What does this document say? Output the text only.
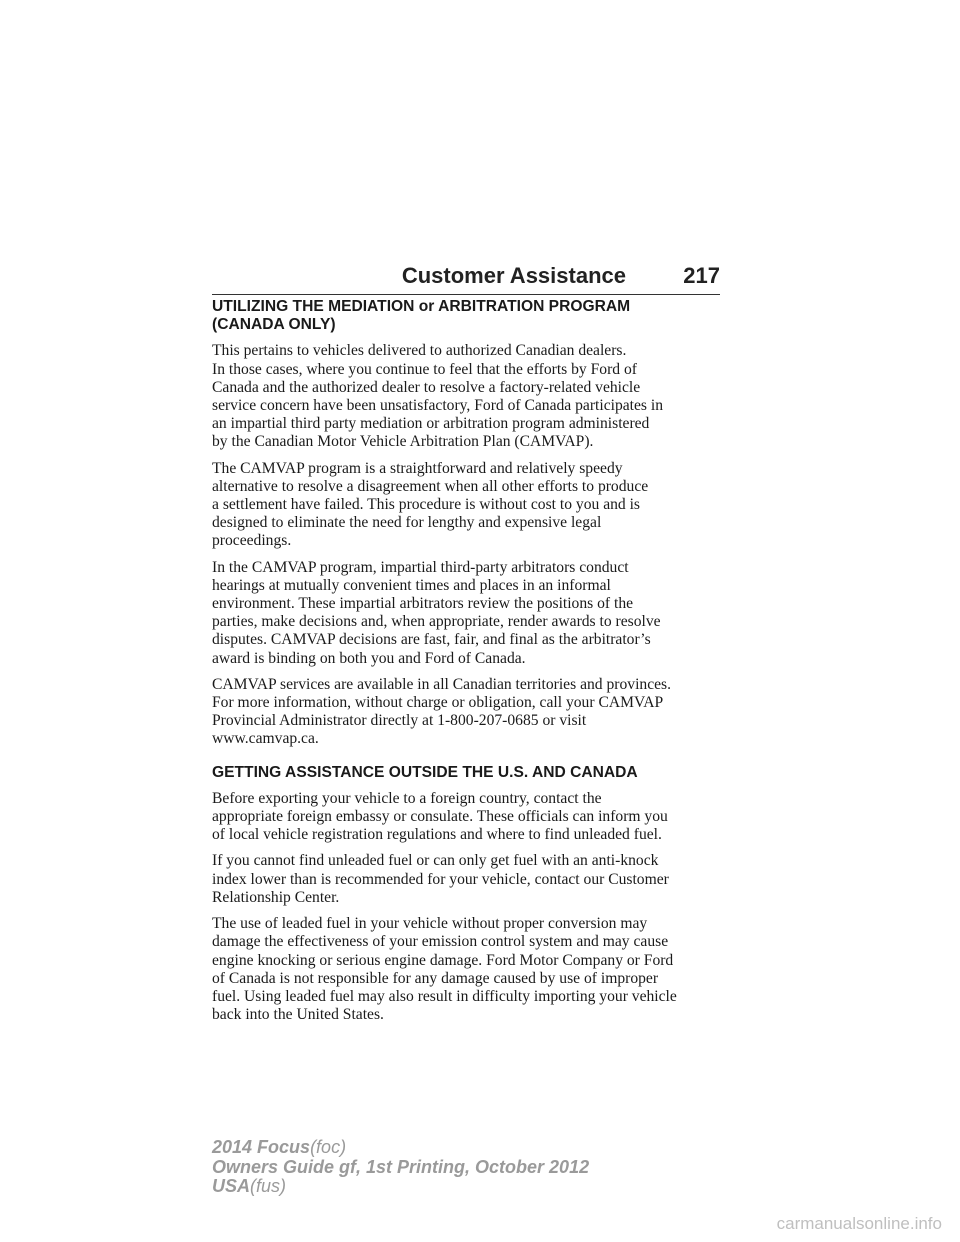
Customer Assistance	217

UTILIZING THE MEDIATION or ARBITRATION PROGRAM
(CANADA ONLY)

This pertains to vehicles delivered to authorized Canadian dealers.
In those cases, where you continue to feel that the efforts by Ford of
Canada and the authorized dealer to resolve a factory-related vehicle
service concern have been unsatisfactory, Ford of Canada participates in
an impartial third party mediation or arbitration program administered
by the Canadian Motor Vehicle Arbitration Plan (CAMVAP).

The CAMVAP program is a straightforward and relatively speedy
alternative to resolve a disagreement when all other efforts to produce
a settlement have failed. This procedure is without cost to you and is
designed to eliminate the need for lengthy and expensive legal
proceedings.

In the CAMVAP program, impartial third-party arbitrators conduct
hearings at mutually convenient times and places in an informal
environment. These impartial arbitrators review the positions of the
parties, make decisions and, when appropriate, render awards to resolve
disputes. CAMVAP decisions are fast, fair, and final as the arbitrator’s
award is binding on both you and Ford of Canada.

CAMVAP services are available in all Canadian territories and provinces.
For more information, without charge or obligation, call your CAMVAP
Provincial Administrator directly at 1-800-207-0685 or visit
www.camvap.ca.

GETTING ASSISTANCE OUTSIDE THE U.S. AND CANADA

Before exporting your vehicle to a foreign country, contact the
appropriate foreign embassy or consulate. These officials can inform you
of local vehicle registration regulations and where to find unleaded fuel.

If you cannot find unleaded fuel or can only get fuel with an anti-knock
index lower than is recommended for your vehicle, contact our Customer
Relationship Center.

The use of leaded fuel in your vehicle without proper conversion may
damage the effectiveness of your emission control system and may cause
engine knocking or serious engine damage. Ford Motor Company or Ford
of Canada is not responsible for any damage caused by use of improper
fuel. Using leaded fuel may also result in difficulty importing your vehicle
back into the United States.

2014 Focus(foc)
Owners Guide gf, 1st Printing, October 2012
USA(fus)
carmanualsonline.info
